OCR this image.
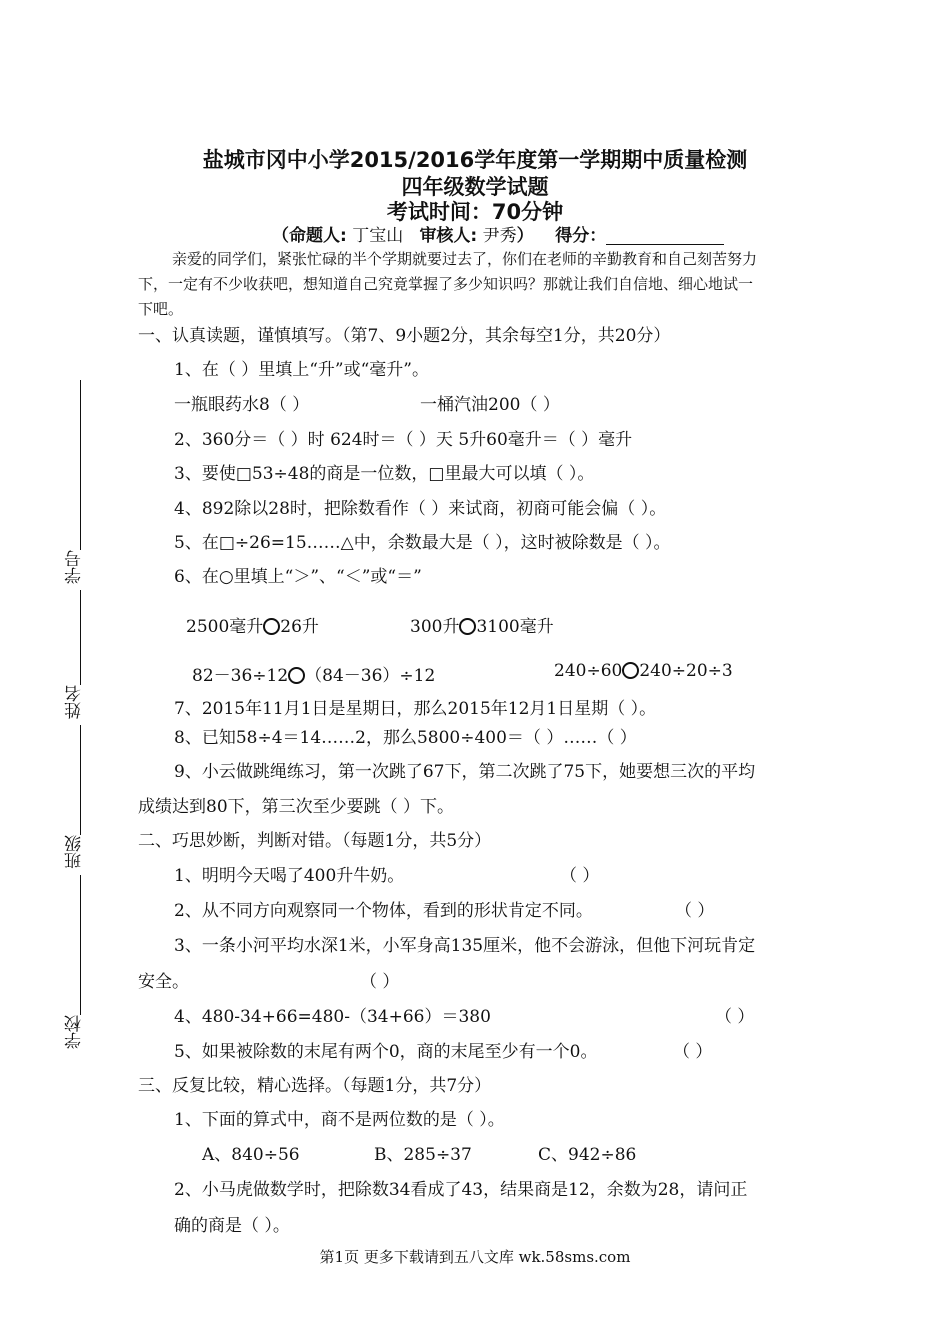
盐城市冈中小学2015/2016学年度第一学期期中质量检测
四年级数学试题
考试时间：70分钟
（命题人: 丁宝山 审核人: 尹秀） 得分：
亲爱的同学们，紧张忙碌的半个学期就要过去了，你们在老师的辛勤教育和自己刻苦努力
下，一定有不少收获吧，想知道自己究竟掌握了多少知识吗？那就让我们自信地、细心地试一
下吧。
学号
姓名
班级
学校
一、认真读题，谨慎填写。（第7、9小题2分，其余每空1分，共20分）
1、在（ ）里填上“升”或“毫升”。
一瓶眼药水8（ ）	一桶汽油200（ ）
2、360分＝（ ）时 624时＝（ ）天 5升60毫升＝（ ）毫升
3、要使□53÷48的商是一位数，□里最大可以填（ ）。
4、892除以28时，把除数看作（ ）来试商，初商可能会偏（ ）。
5、在□÷26=15……△中，余数最大是（ ），这时被除数是（ ）。
6、在○里填上“＞”、“＜”或“＝”
2500毫升 26升	300升 3100毫升
82－36÷12 （84－36）÷12	240÷60 240÷20÷3
7、2015年11月1日是星期日，那么2015年12月1日星期（ ）。
8、已知58÷4＝14……2，那么5800÷400＝（ ）……（ ）
9、小云做跳绳练习，第一次跳了67下，第二次跳了75下，她要想三次的平均
成绩达到80下，第三次至少要跳（ ）下。
二、巧思妙断，判断对错。（每题1分，共5分）
1、明明今天喝了400升牛奶。	（ ）
2、从不同方向观察同一个物体，看到的形状肯定不同。	（ ）
3、一条小河平均水深1米，小军身高135厘米，他不会游泳，但他下河玩肯定
安全。	（ ）
4、480-34+66=480-（34+66）＝380	（ ）
5、如果被除数的末尾有两个0，商的末尾至少有一个0。	（ ）
三、反复比较，精心选择。（每题1分，共7分）
1、下面的算式中，商不是两位数的是（ ）。
A、840÷56	B、285÷37	C、942÷86
2、小马虎做数学时，把除数34看成了43，结果商是12，余数为28，请问正
确的商是（ ）。
第1页 更多下载请到五八文库 wk.58sms.com
